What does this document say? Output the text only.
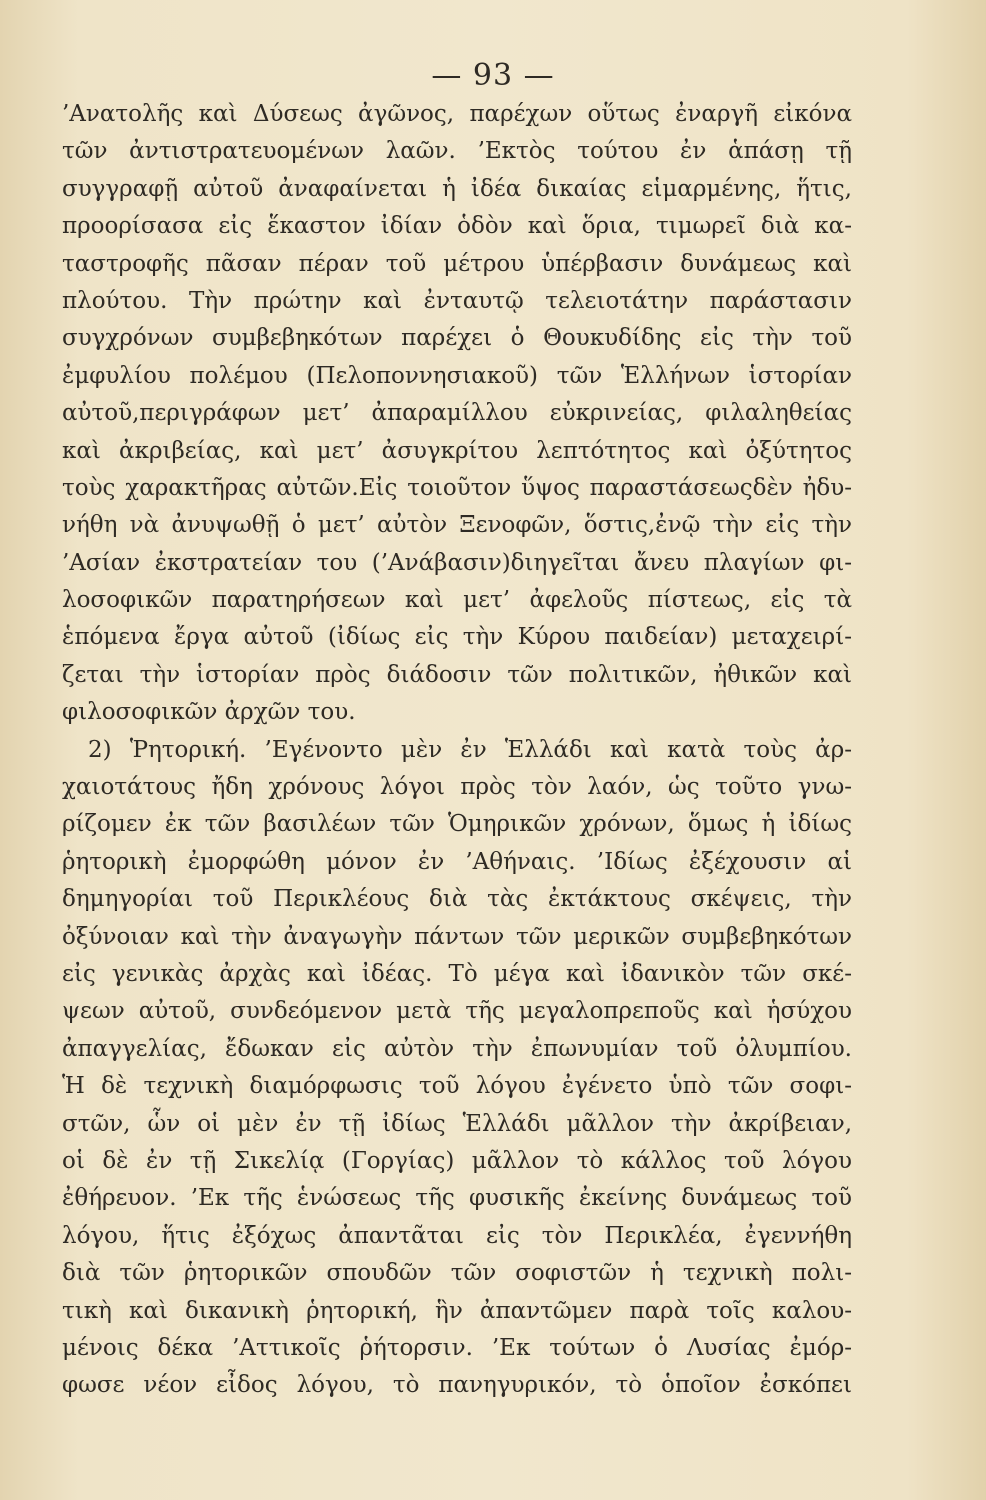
— 93 —
’Ανατολῆς καὶ Δύσεως ἀγῶνος, παρέχων οὕτως ἐναργῆ εἰκόνα
τῶν ἀντιστρατευομένων λαῶν. ’Εκτὸς τούτου ἐν ἁπάσῃ τῇ
συγγραφῇ αὐτοῦ ἀναφαίνεται ἡ ἰδέα δικαίας εἱμαρμένης, ἥτις,
προορίσασα εἰς ἕκαστον ἰδίαν ὁδὸν καὶ ὅρια, τιμωρεῖ διὰ κα-
ταστροφῆς πᾶσαν πέραν τοῦ μέτρου ὑπέρβασιν δυνάμεως καὶ
πλούτου. Τὴν πρώτην καὶ ἐνταυτῷ τελειοτάτην παράστασιν
συγχρόνων συμβεβηκότων παρέχει ὁ Θουκυδίδης εἰς τὴν τοῦ
ἐμφυλίου πολέμου (Πελοποννησιακοῦ) τῶν Ἑλλήνων ἱστορίαν
αὐτοῦ,περιγράφων μετ’ ἀπαραμίλλου εὐκρινείας, φιλαληθείας
καὶ ἀκριβείας, καὶ μετ’ ἀσυγκρίτου λεπτότητος καὶ ὀξύτητος
τοὺς χαρακτῆρας αὐτῶν.Εἰς τοιοῦτον ὕψος παραστάσεωςδὲν ἠδυ-
νήθη νὰ ἀνυψωθῇ ὁ μετ’ αὐτὸν Ξενοφῶν, ὅστις,ἐνῷ τὴν εἰς τὴν
’Ασίαν ἐκστρατείαν του (’Ανάβασιν)διηγεῖται ἄνευ πλαγίων φι-
λοσοφικῶν παρατηρήσεων καὶ μετ’ ἀφελοῦς πίστεως, εἰς τὰ
ἑπόμενα ἔργα αὐτοῦ (ἰδίως εἰς τὴν Κύρου παιδείαν) μεταχειρί-
ζεται τὴν ἱστορίαν πρὸς διάδοσιν τῶν πολιτικῶν, ἠθικῶν καὶ
φιλοσοφικῶν ἀρχῶν του.
2) Ῥητορική. ’Εγένοντο μὲν ἐν Ἑλλάδι καὶ κατὰ τοὺς ἀρ-
χαιοτάτους ἤδη χρόνους λόγοι πρὸς τὸν λαόν, ὡς τοῦτο γνω-
ρίζομεν ἐκ τῶν βασιλέων τῶν Ὁμηρικῶν χρόνων, ὅμως ἡ ἰδίως
ῥητορικὴ ἐμορφώθη μόνον ἐν ’Αθήναις. ’Ιδίως ἐξέχουσιν αἱ
δημηγορίαι τοῦ Περικλέους διὰ τὰς ἐκτάκτους σκέψεις, τὴν
ὀξύνοιαν καὶ τὴν ἀναγωγὴν πάντων τῶν μερικῶν συμβεβηκότων
εἰς γενικὰς ἀρχὰς καὶ ἰδέας. Τὸ μέγα καὶ ἰδανικὸν τῶν σκέ-
ψεων αὐτοῦ, συνδεόμενον μετὰ τῆς μεγαλοπρεποῦς καὶ ἡσύχου
ἀπαγγελίας, ἔδωκαν εἰς αὐτὸν τὴν ἐπωνυμίαν τοῦ ὀλυμπίου.
Ἡ δὲ τεχνικὴ διαμόρφωσις τοῦ λόγου ἐγένετο ὑπὸ τῶν σοφι-
στῶν, ὧν οἱ μὲν ἐν τῇ ἰδίως Ἑλλάδι μᾶλλον τὴν ἀκρίβειαν,
οἱ δὲ ἐν τῇ Σικελίᾳ (Γοργίας) μᾶλλον τὸ κάλλος τοῦ λόγου
ἐθήρευον. ’Εκ τῆς ἑνώσεως τῆς φυσικῆς ἐκείνης δυνάμεως τοῦ
λόγου, ἥτις ἐξόχως ἀπαντᾶται εἰς τὸν Περικλέα, ἐγεννήθη
διὰ τῶν ῥητορικῶν σπουδῶν τῶν σοφιστῶν ἡ τεχνικὴ πολι-
τικὴ καὶ δικανικὴ ῥητορική, ἣν ἀπαντῶμεν παρὰ τοῖς καλου-
μένοις δέκα ’Αττικοῖς ῥήτορσιν. ’Εκ τούτων ὁ Λυσίας ἐμόρ-
φωσε νέον εἶδος λόγου, τὸ πανηγυρικόν, τὸ ὁποῖον ἐσκόπει
